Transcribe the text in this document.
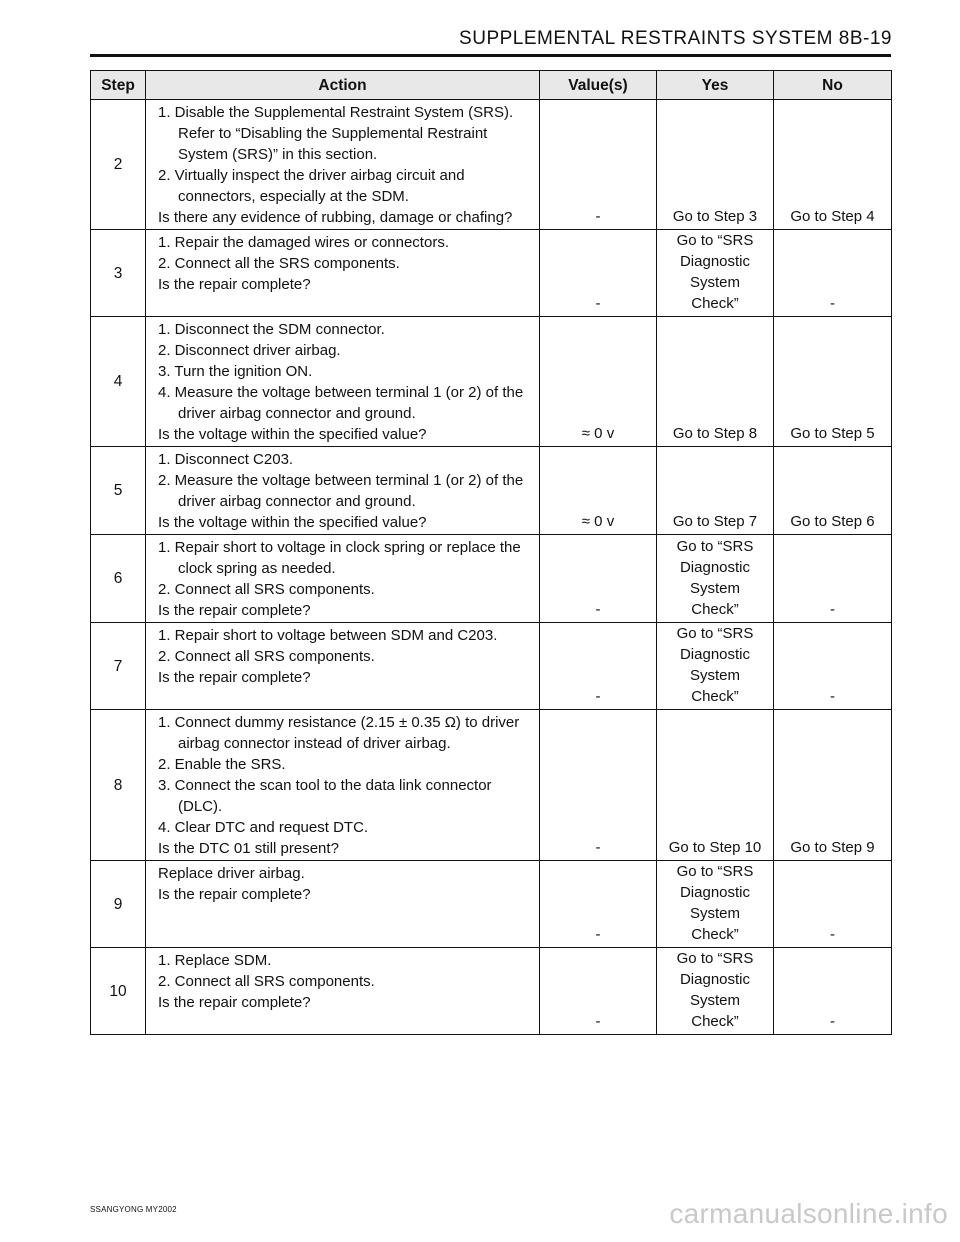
SUPPLEMENTAL RESTRAINTS SYSTEM 8B-19
Step	Action	Value(s)	Yes	No
2	1. Disable the Supplemental Restraint System (SRS). Refer to “Disabling the Supplemental Restraint System (SRS)” in this section.
2. Virtually inspect the driver airbag circuit and connectors, especially at the SDM.
Is there any evidence of rubbing, damage or chafing?	-	Go to Step 3	Go to Step 4
3	1. Repair the damaged wires or connectors.
2. Connect all the SRS components.
Is the repair complete?	-	Go to “SRS Diagnostic System Check”	-
4	1. Disconnect the SDM connector.
2. Disconnect driver airbag.
3. Turn the ignition ON.
4. Measure the voltage between terminal 1 (or 2) of the driver airbag connector and ground.
Is the voltage within the specified value?	≈ 0 v	Go to Step 8	Go to Step 5
5	1. Disconnect C203.
2. Measure the voltage between terminal 1 (or 2) of the driver airbag connector and ground.
Is the voltage within the specified value?	≈ 0 v	Go to Step 7	Go to Step 6
6	1. Repair short to voltage in clock spring or replace the clock spring as needed.
2. Connect all SRS components.
Is the repair complete?	-	Go to “SRS Diagnostic System Check”	-
7	1. Repair short to voltage between SDM and C203.
2. Connect all SRS components.
Is the repair complete?	-	Go to “SRS Diagnostic System Check”	-
8	1. Connect dummy resistance (2.15 ± 0.35 Ω) to driver airbag connector instead of driver airbag.
2. Enable the SRS.
3. Connect the scan tool to the data link connector (DLC).
4. Clear DTC and request DTC.
Is the DTC 01 still present?	-	Go to Step 10	Go to Step 9
9	Replace driver airbag.
Is the repair complete?	-	Go to “SRS Diagnostic System Check”	-
10	1. Replace SDM.
2. Connect all SRS components.
Is the repair complete?	-	Go to “SRS Diagnostic System Check”	-
SSANGYONG MY2002	carmanualsonline.info
